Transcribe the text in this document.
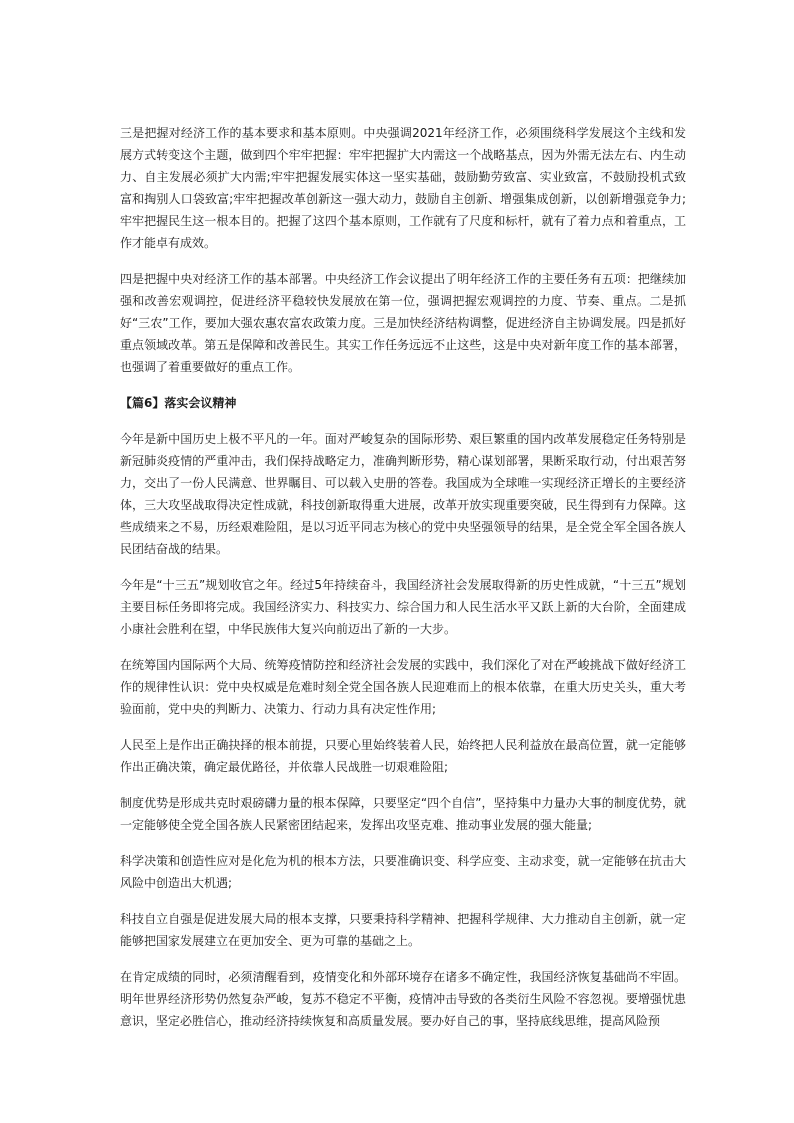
三是把握对经济工作的基本要求和基本原则。中央强调2021年经济工作，必须围绕科学发展这个主线和发展方式转变这个主题，做到四个牢牢把握：牢牢把握扩大内需这一个战略基点，因为外需无法左右、内生动力、自主发展必须扩大内需;牢牢把握发展实体这一坚实基础，鼓励勤劳致富、实业致富，不鼓励投机式致富和掏别人口袋致富;牢牢把握改革创新这一强大动力，鼓励自主创新、增强集成创新，以创新增强竞争力;牢牢把握民生这一根本目的。把握了这四个基本原则，工作就有了尺度和标杆，就有了着力点和着重点，工作才能卓有成效。

四是把握中央对经济工作的基本部署。中央经济工作会议提出了明年经济工作的主要任务有五项：把继续加强和改善宏观调控，促进经济平稳较快发展放在第一位，强调把握宏观调控的力度、节奏、重点。二是抓好“三农”工作，要加大强农惠农富农政策力度。三是加快经济结构调整，促进经济自主协调发展。四是抓好重点领域改革。第五是保障和改善民生。其实工作任务远远不止这些，这是中央对新年度工作的基本部署，也强调了着重要做好的重点工作。

【篇6】落实会议精神

今年是新中国历史上极不平凡的一年。面对严峻复杂的国际形势、艰巨繁重的国内改革发展稳定任务特别是新冠肺炎疫情的严重冲击，我们保持战略定力，准确判断形势，精心谋划部署，果断采取行动，付出艰苦努力，交出了一份人民满意、世界瞩目、可以载入史册的答卷。我国成为全球唯一实现经济正增长的主要经济体，三大攻坚战取得决定性成就，科技创新取得重大进展，改革开放实现重要突破，民生得到有力保障。这些成绩来之不易，历经艰难险阻，是以习近平同志为核心的党中央坚强领导的结果，是全党全军全国各族人民团结奋战的结果。

今年是“十三五”规划收官之年。经过5年持续奋斗，我国经济社会发展取得新的历史性成就，“十三五”规划主要目标任务即将完成。我国经济实力、科技实力、综合国力和人民生活水平又跃上新的大台阶，全面建成小康社会胜利在望，中华民族伟大复兴向前迈出了新的一大步。

在统筹国内国际两个大局、统筹疫情防控和经济社会发展的实践中，我们深化了对在严峻挑战下做好经济工作的规律性认识：党中央权威是危难时刻全党全国各族人民迎难而上的根本依靠，在重大历史关头，重大考验面前，党中央的判断力、决策力、行动力具有决定性作用;

人民至上是作出正确抉择的根本前提，只要心里始终装着人民，始终把人民利益放在最高位置，就一定能够作出正确决策，确定最优路径，并依靠人民战胜一切艰难险阻;

制度优势是形成共克时艰磅礴力量的根本保障，只要坚定“四个自信”，坚持集中力量办大事的制度优势，就一定能够使全党全国各族人民紧密团结起来，发挥出攻坚克难、推动事业发展的强大能量;

科学决策和创造性应对是化危为机的根本方法，只要准确识变、科学应变、主动求变，就一定能够在抗击大风险中创造出大机遇;

科技自立自强是促进发展大局的根本支撑，只要秉持科学精神、把握科学规律、大力推动自主创新，就一定能够把国家发展建立在更加安全、更为可靠的基础之上。

在肯定成绩的同时，必须清醒看到，疫情变化和外部环境存在诸多不确定性，我国经济恢复基础尚不牢固。明年世界经济形势仍然复杂严峻，复苏不稳定不平衡，疫情冲击导致的各类衍生风险不容忽视。要增强忧患意识，坚定必胜信心，推动经济持续恢复和高质量发展。要办好自己的事，坚持底线思维，提高风险预
